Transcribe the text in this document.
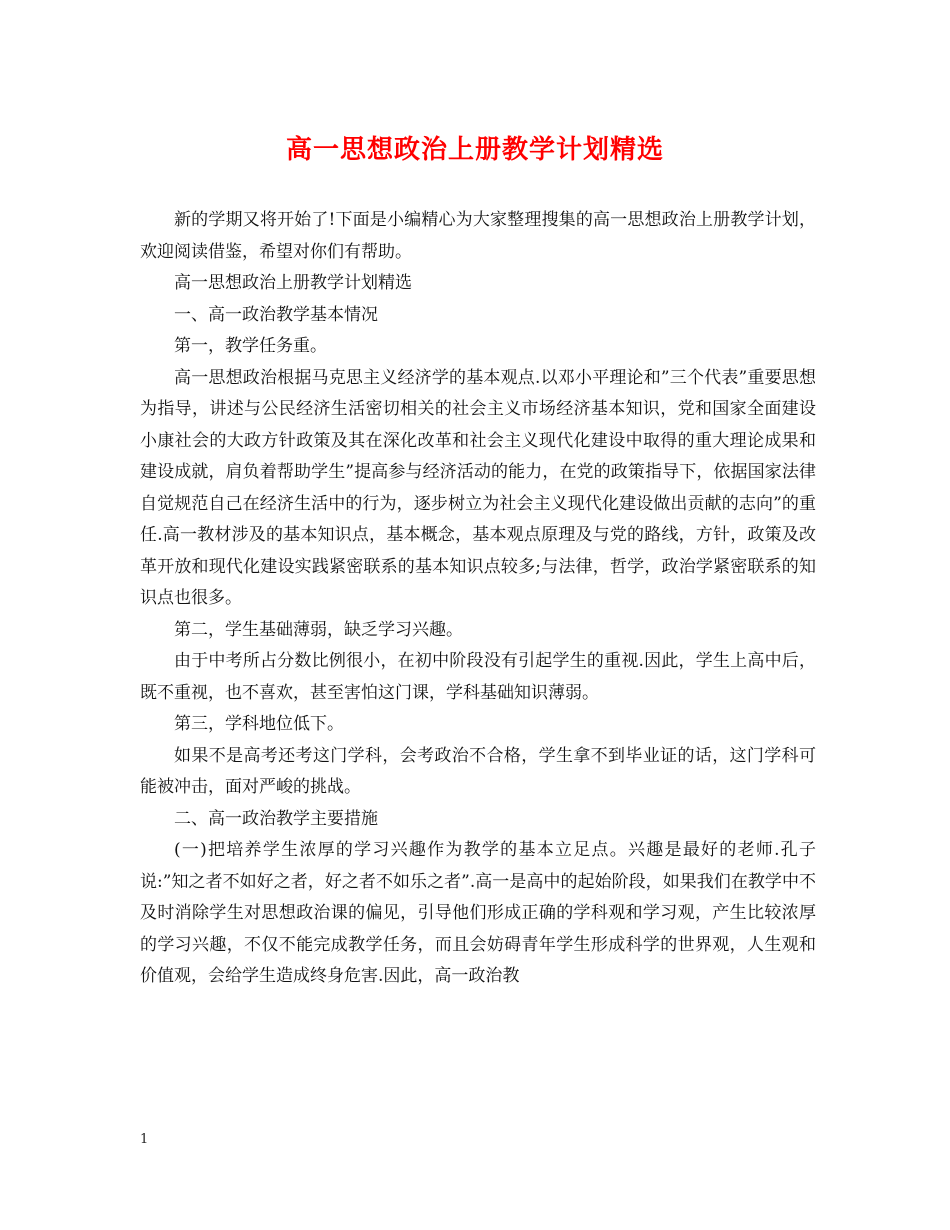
高一思想政治上册教学计划精选

新的学期又将开始了!下面是小编精心为大家整理搜集的高一思想政治上册教学计划，欢迎阅读借鉴，希望对你们有帮助。

高一思想政治上册教学计划精选

一、高一政治教学基本情况

第一，教学任务重。

高一思想政治根据马克思主义经济学的基本观点.以邓小平理论和”三个代表”重要思想为指导，讲述与公民经济生活密切相关的社会主义市场经济基本知识，党和国家全面建设小康社会的大政方针政策及其在深化改革和社会主义现代化建设中取得的重大理论成果和建设成就，肩负着帮助学生”提高参与经济活动的能力，在党的政策指导下，依据国家法律自觉规范自己在经济生活中的行为，逐步树立为社会主义现代化建设做出贡献的志向”的重任.高一教材涉及的基本知识点，基本概念，基本观点原理及与党的路线，方针，政策及改革开放和现代化建设实践紧密联系的基本知识点较多;与法律，哲学，政治学紧密联系的知识点也很多。

第二，学生基础薄弱，缺乏学习兴趣。

由于中考所占分数比例很小，在初中阶段没有引起学生的重视.因此，学生上高中后，既不重视，也不喜欢，甚至害怕这门课，学科基础知识薄弱。

第三，学科地位低下。

如果不是高考还考这门学科，会考政治不合格，学生拿不到毕业证的话，这门学科可能被冲击，面对严峻的挑战。

二、高一政治教学主要措施

(一)把培养学生浓厚的学习兴趣作为教学的基本立足点。兴趣是最好的老师.孔子说:”知之者不如好之者，好之者不如乐之者”.高一是高中的起始阶段，如果我们在教学中不及时消除学生对思想政治课的偏见，引导他们形成正确的学科观和学习观，产生比较浓厚的学习兴趣，不仅不能完成教学任务，而且会妨碍青年学生形成科学的世界观，人生观和价值观，会给学生造成终身危害.因此，高一政治教

1
